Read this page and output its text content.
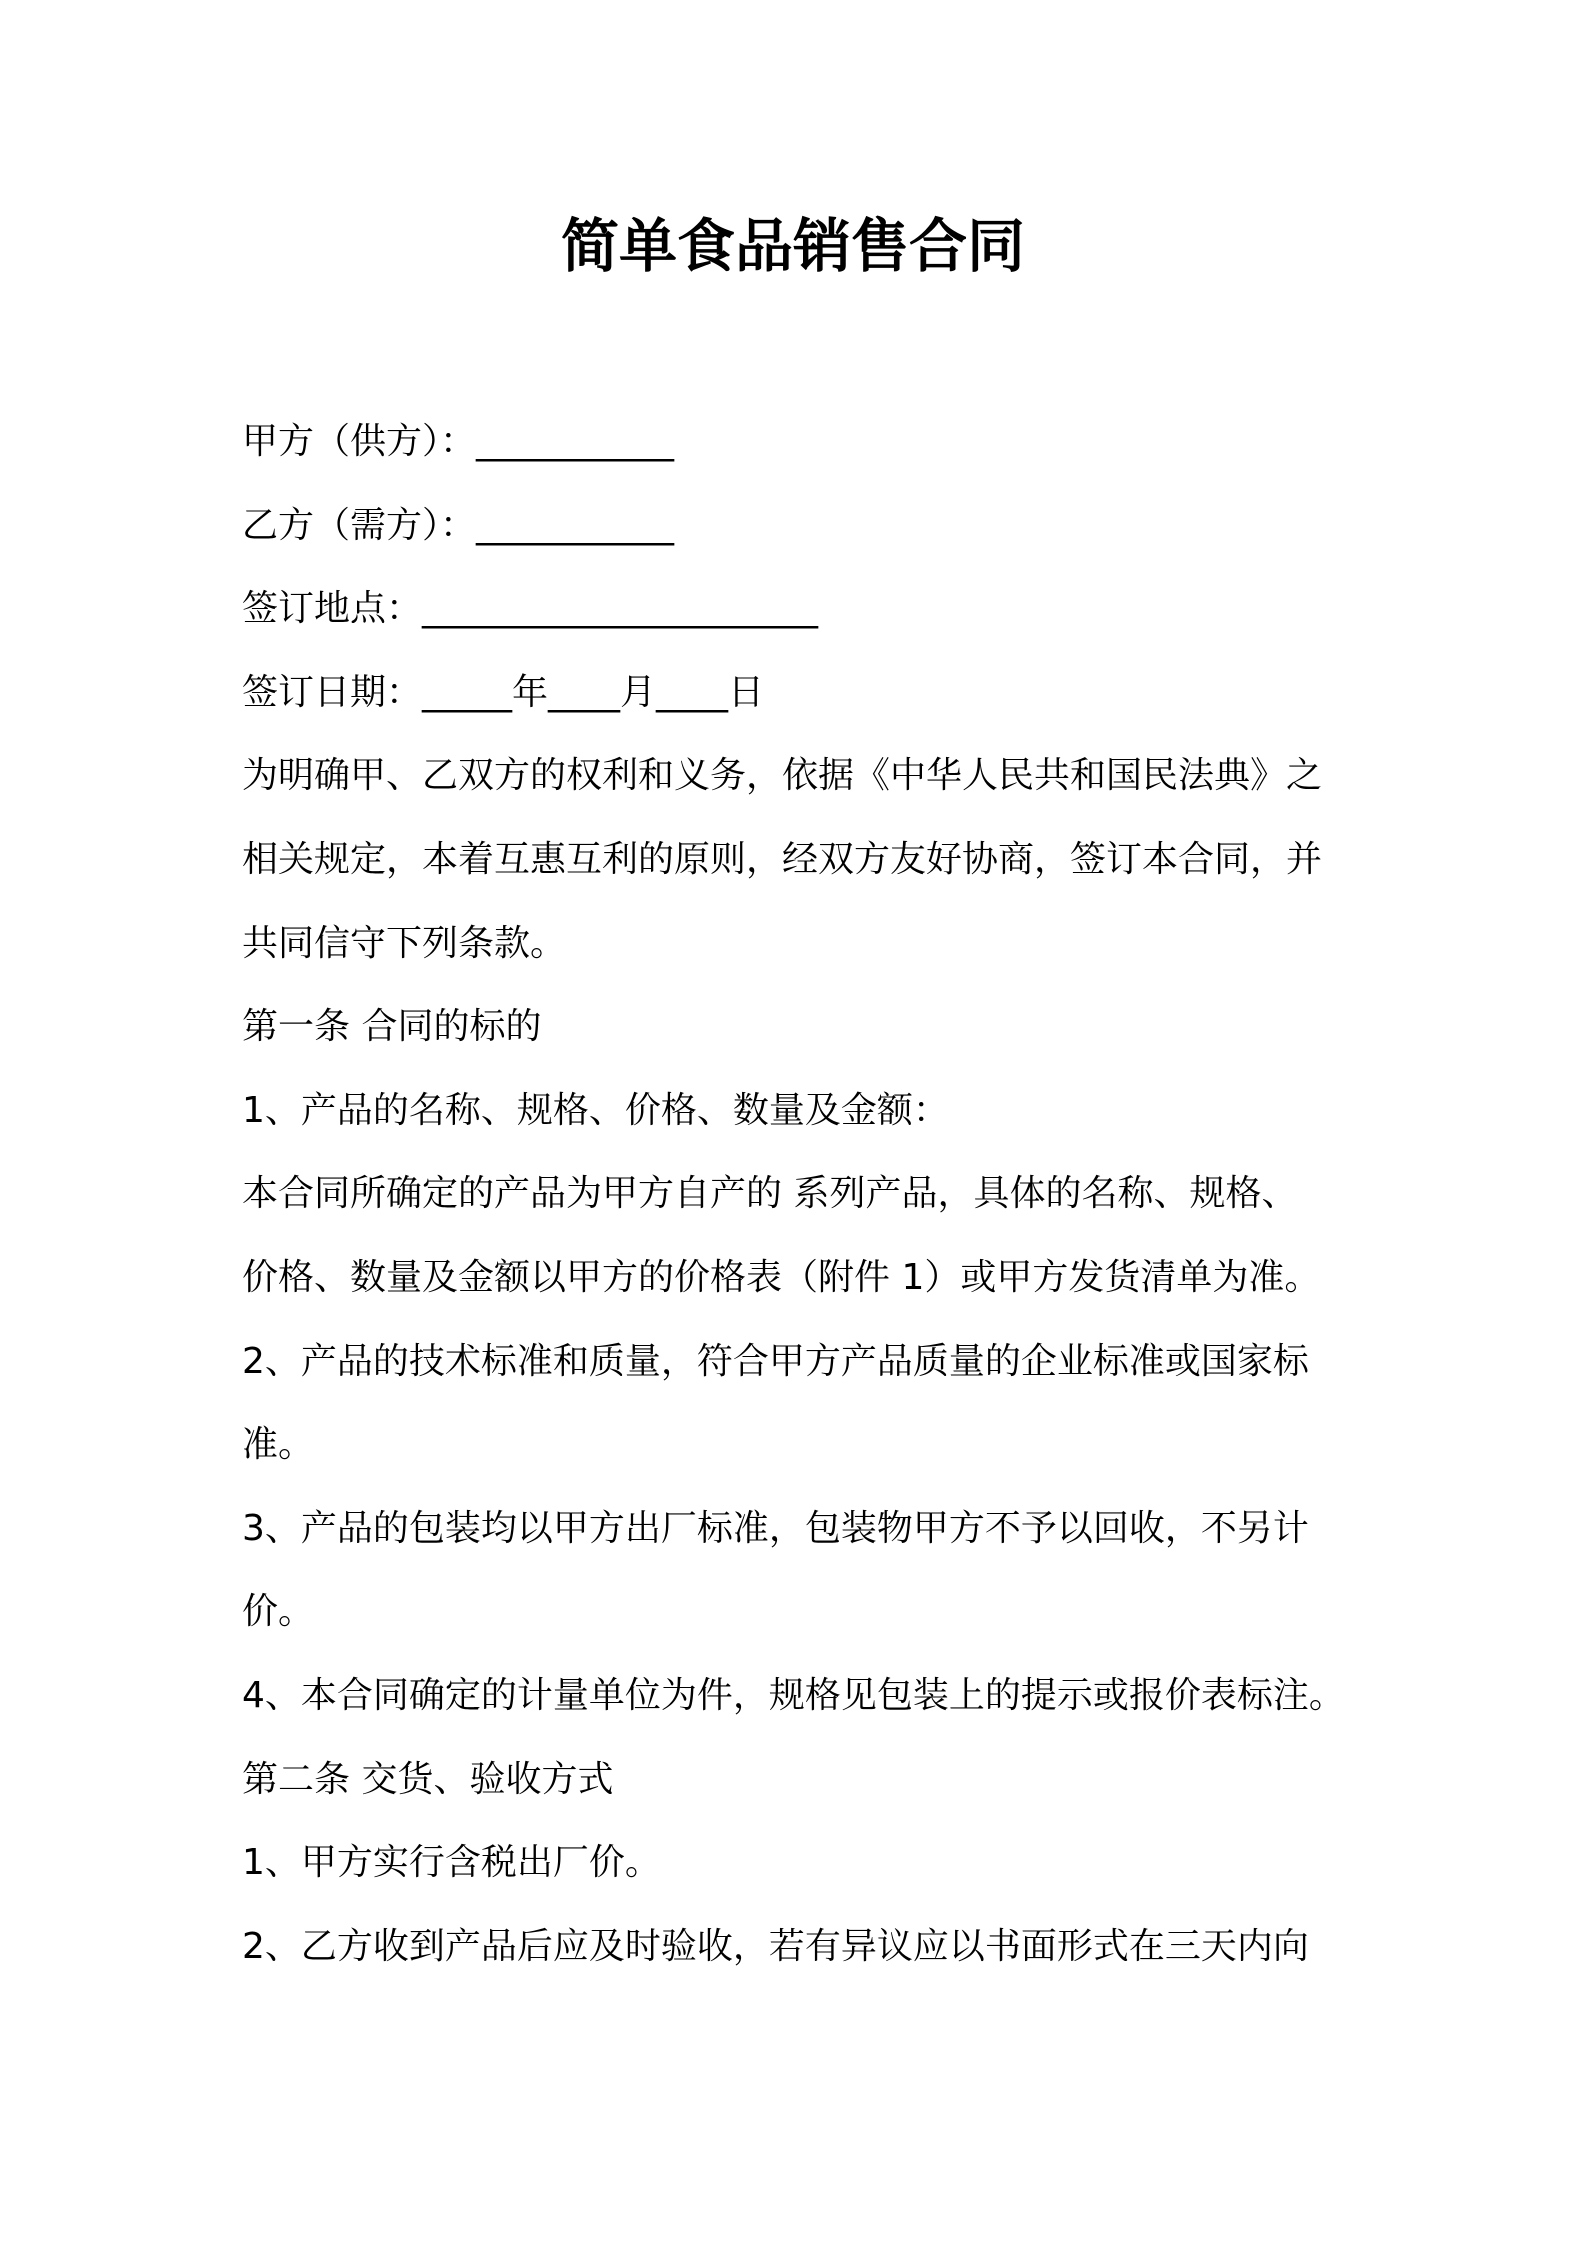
简单食品销售合同

甲方（供方）：___________

乙方（需方）：___________

签订地点：______________________

签订日期：_____年____月____日

为明确甲、乙双方的权利和义务，依据《中华人民共和国民法典》之

相关规定，本着互惠互利的原则，经双方友好协商，签订本合同，并

共同信守下列条款。

第一条 合同的标的

1、产品的名称、规格、价格、数量及金额：

本合同所确定的产品为甲方自产的 系列产品，具体的名称、规格、

价格、数量及金额以甲方的价格表（附件 1）或甲方发货清单为准。

2、产品的技术标准和质量，符合甲方产品质量的企业标准或国家标

准。

3、产品的包装均以甲方出厂标准，包装物甲方不予以回收，不另计

价。

4、本合同确定的计量单位为件，规格见包装上的提示或报价表标注。

第二条 交货、验收方式

1、甲方实行含税出厂价。

2、乙方收到产品后应及时验收，若有异议应以书面形式在三天内向
